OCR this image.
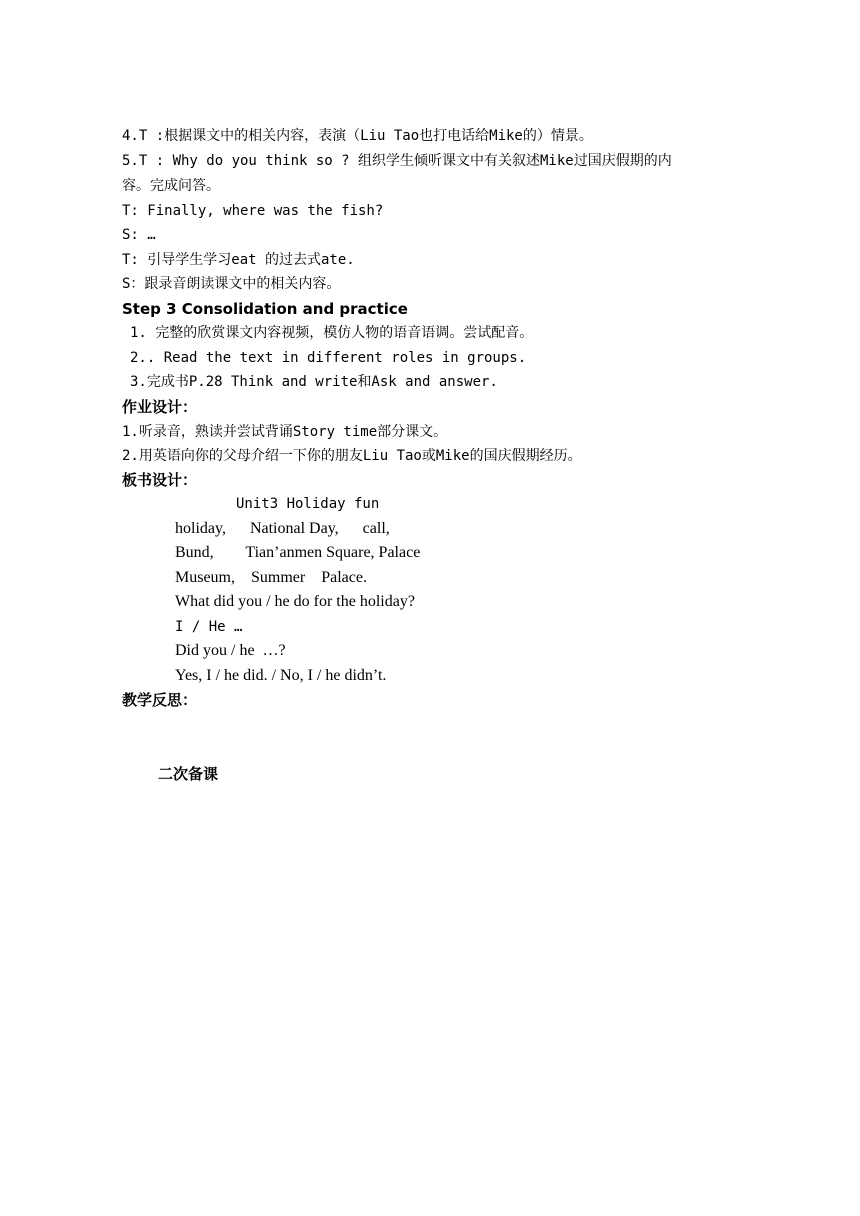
4.T :根据课文中的相关内容，表演（Liu Tao也打电话给Mike的）情景。
5.T : Why do you think so ? 组织学生倾听课文中有关叙述Mike过国庆假期的内
容。完成问答。
T: Finally, where was the fish?
S: …
T: 引导学生学习eat 的过去式ate.
S：跟录音朗读课文中的相关内容。
Step 3 Consolidation and practice
1. 完整的欣赏课文内容视频，模仿人物的语音语调。尝试配音。
2.. Read the text in different roles in groups.
3.完成书P.28 Think and write和Ask and answer.
作业设计：
1.听录音，熟读并尝试背诵Story time部分课文。
2.用英语向你的父母介绍一下你的朋友Liu Tao或Mike的国庆假期经历。
板书设计：
Unit3 Holiday fun
holiday,      National Day,      call,
Bund,        Tian’anmen Square, Palace
Museum,    Summer    Palace.
What did you / he do for the holiday?
I / He …
Did you / he  …?
Yes, I / he did. / No, I / he didn’t.
教学反思：
二次备课
